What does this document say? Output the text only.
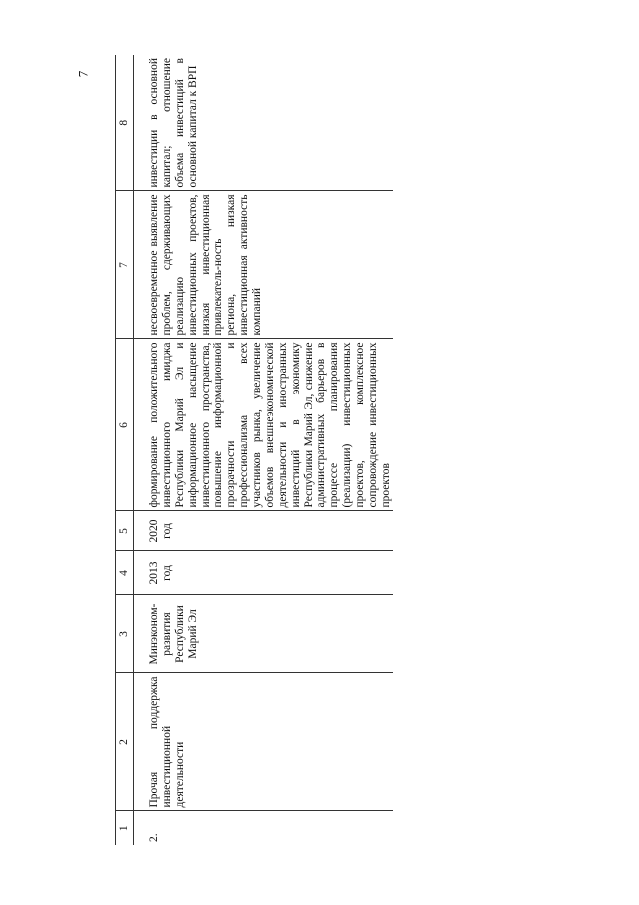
7
1	2	3	4	5	6	7	8
2.	Прочая поддержка инвестиционной деятельности	Минэконом-развития Республики Марий Эл	2013 год	2020 год	формирование положительного инвестиционного имиджа Республики Марий Эл и информационное насыщение инвестиционного пространства, повышение информационной прозрачности и профессионализма всех участников рынка, увеличение объемов внешнеэкономической деятельности и иностранных инвестиций в экономику Республики Марий Эл, снижение административных барьеров в процессе планирования (реализации) инвестиционных проектов, комплексное сопровождение инвестиционных проектов	несвоевременное выявление проблем, сдерживающих реализацию инвестиционных проектов, низкая инвестиционная привлекатель-ность региона, низкая инвестиционная активность компаний	инвестиции в основной капитал; отношение объема инвестиций в основной капитал к ВРП
